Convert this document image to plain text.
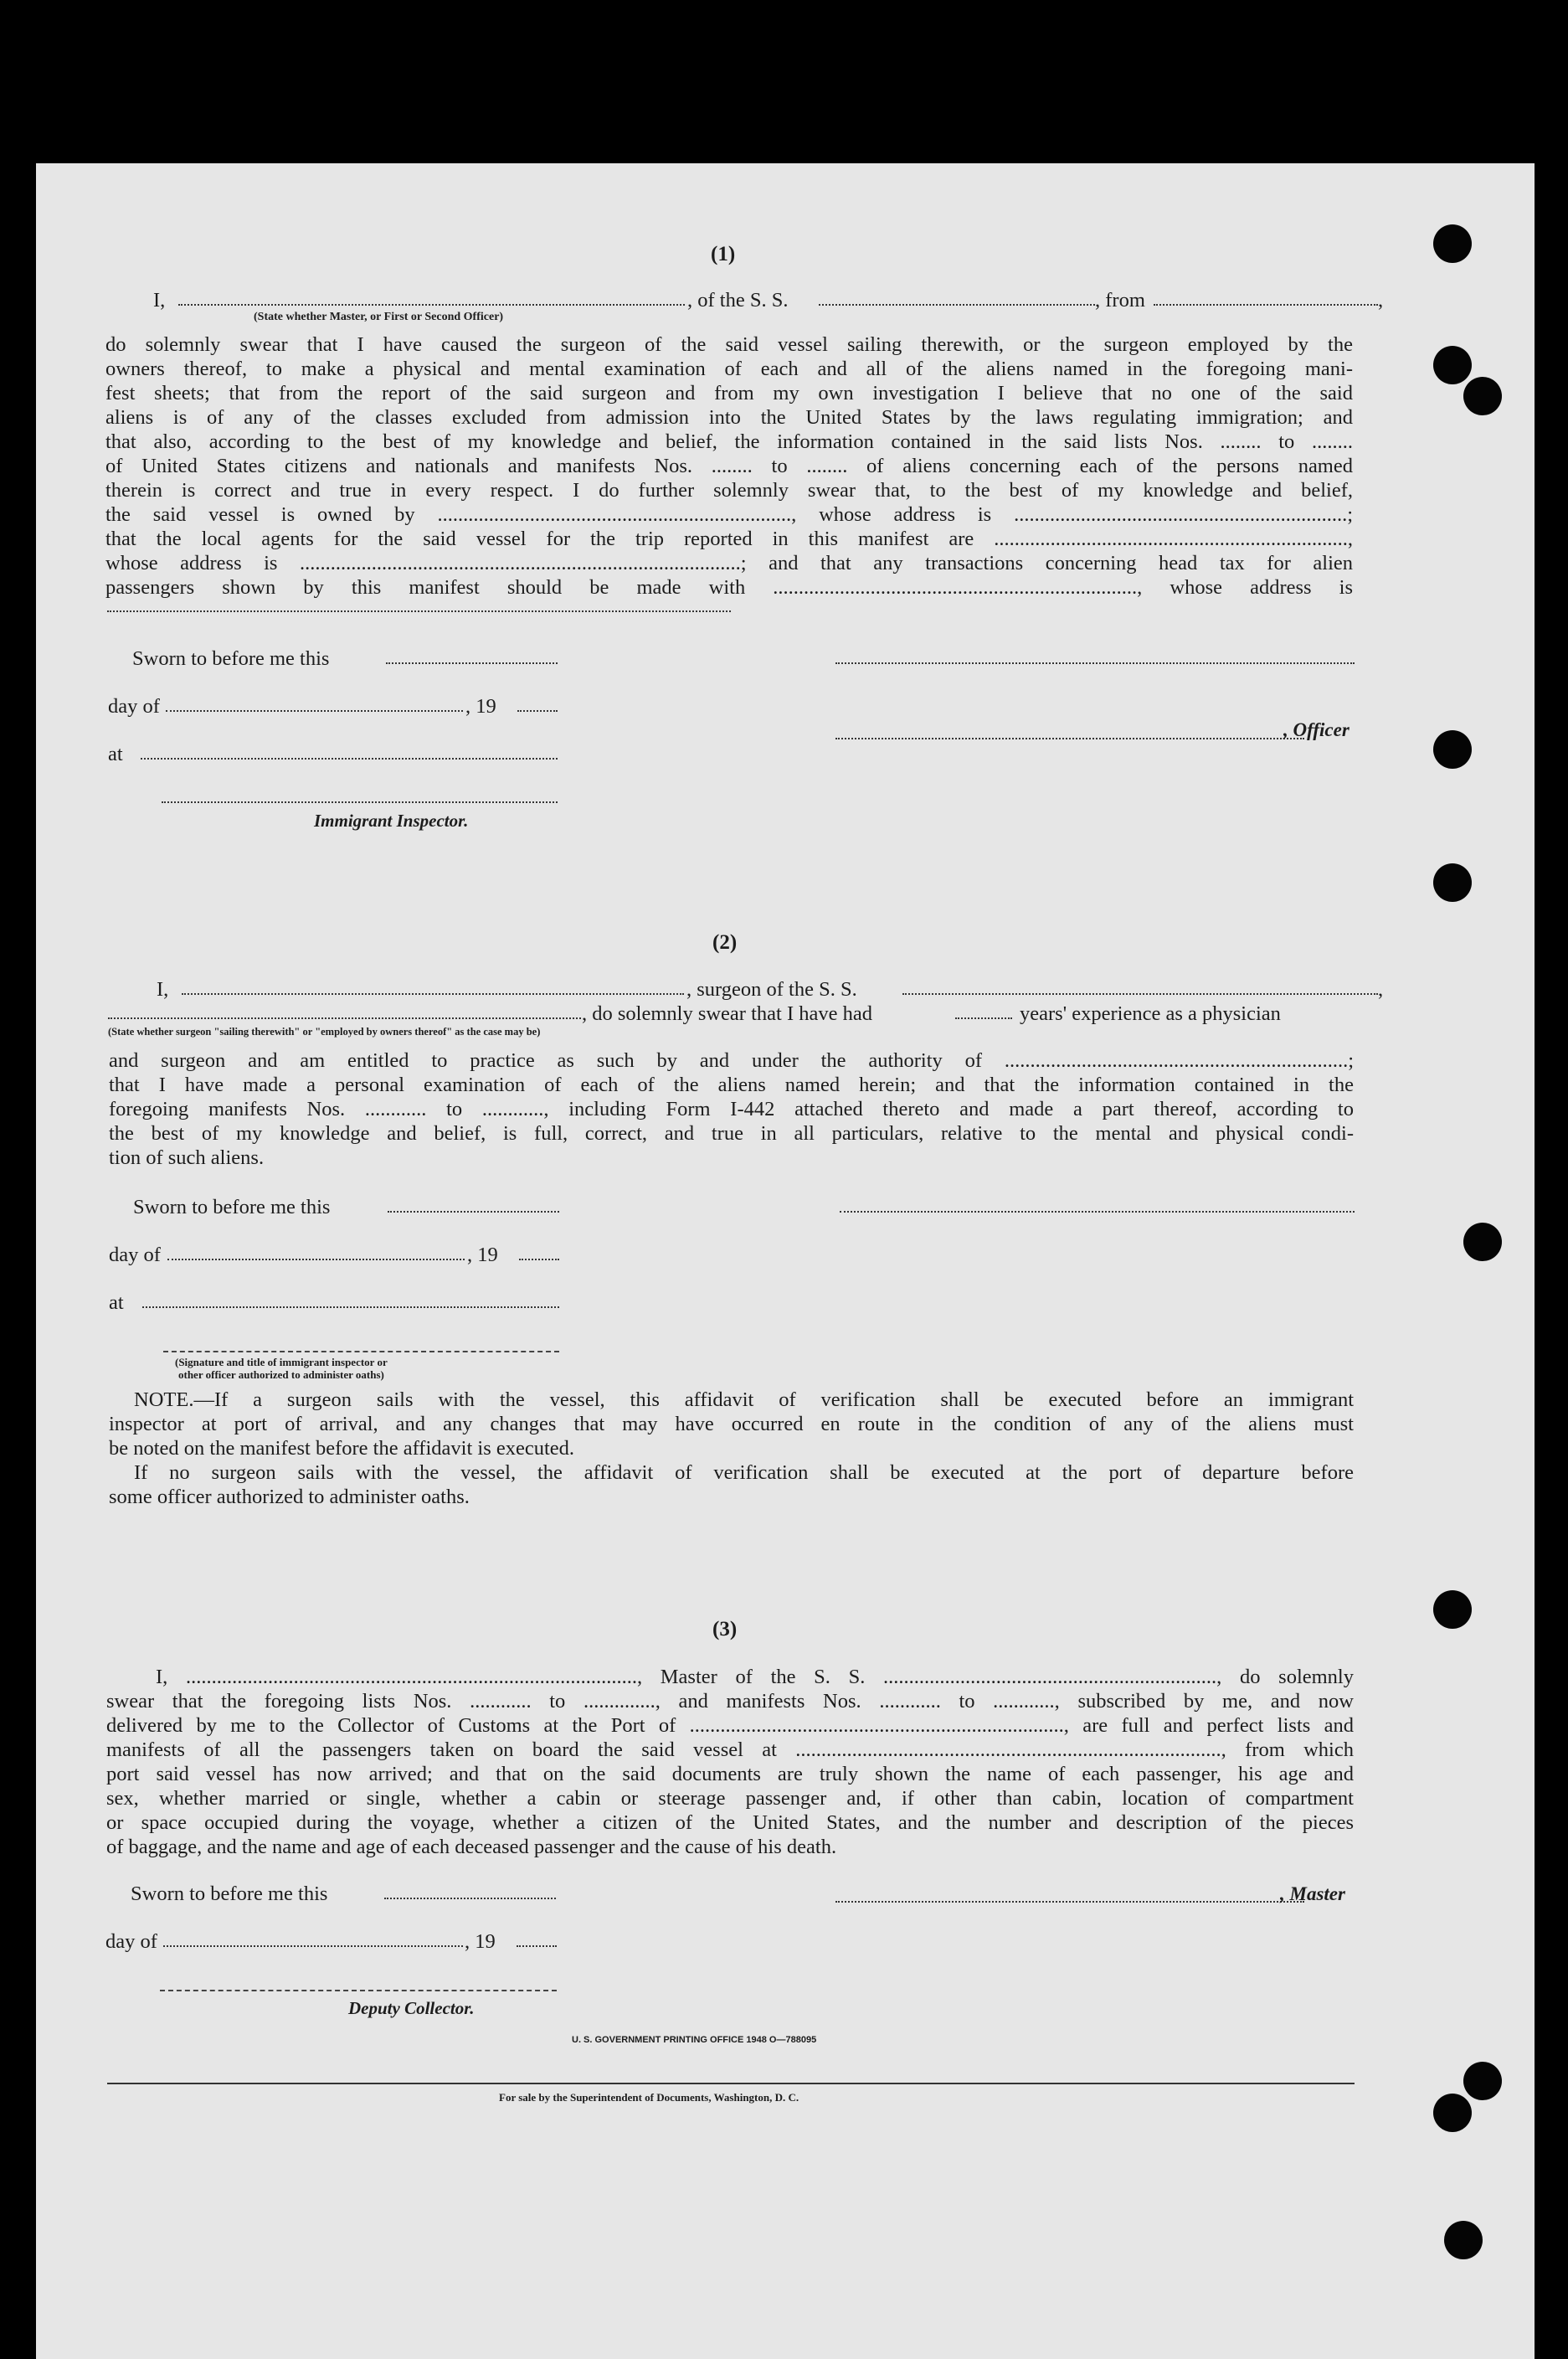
(1)
I,	, of the S. S.	, from	,
(State whether Master, or First or Second Officer)
do solemnly swear that I have caused the surgeon of the said vessel sailing therewith, or the surgeon employed by the
owners thereof, to make a physical and mental examination of each and all of the aliens named in the foregoing mani-
fest sheets; that from the report of the said surgeon and from my own investigation I believe that no one of the said
aliens is of any of the classes excluded from admission into the United States by the laws regulating immigration; and
that also, according to the best of my knowledge and belief, the information contained in the said lists Nos. ........ to ........
of United States citizens and nationals and manifests Nos. ........ to ........ of aliens concerning each of the persons named
therein is correct and true in every respect. I do further solemnly swear that, to the best of my knowledge and belief,
the said vessel is owned by ....................................................................., whose address is .................................................................;
that the local agents for the said vessel for the trip reported in this manifest are .....................................................................,
whose address is ......................................................................................; and that any transactions concerning head tax for alien
passengers shown by this manifest should be made with ......................................................................., whose address is
Sworn to before me this
day of	, 19
, Officer
at
Immigrant Inspector.
(2)
I,	, surgeon of the S. S.	,
, do solemnly swear that I have had	years' experience as a physician
(State whether surgeon "sailing therewith" or "employed by owners thereof" as the case may be)
and surgeon and am entitled to practice as such by and under the authority of ...................................................................;
that I have made a personal examination of each of the aliens named herein; and that the information contained in the
foregoing manifests Nos. ............ to ............, including Form I-442 attached thereto and made a part thereof, according to
the best of my knowledge and belief, is full, correct, and true in all particulars, relative to the mental and physical condi-
tion of such aliens.
Sworn to before me this
day of	, 19
at
(Signature and title of immigrant inspector or
other officer authorized to administer oaths)
NOTE.—If a surgeon sails with the vessel, this affidavit of verification shall be executed before an immigrant
inspector at port of arrival, and any changes that may have occurred en route in the condition of any of the aliens must
be noted on the manifest before the affidavit is executed.
If no surgeon sails with the vessel, the affidavit of verification shall be executed at the port of departure before
some officer authorized to administer oaths.
(3)
I, ........................................................................................, Master of the S. S. ................................................................., do solemnly
swear that the foregoing lists Nos. ............ to .............., and manifests Nos. ............ to ............, subscribed by me, and now
delivered by me to the Collector of Customs at the Port of ........................................................................., are full and perfect lists and
manifests of all the passengers taken on board the said vessel at ..................................................................................., from which
port said vessel has now arrived; and that on the said documents are truly shown the name of each passenger, his age and
sex, whether married or single, whether a cabin or steerage passenger and, if other than cabin, location of compartment
or space occupied during the voyage, whether a citizen of the United States, and the number and description of the pieces
of baggage, and the name and age of each deceased passenger and the cause of his death.
Sworn to before me this	, Master
day of	, 19
Deputy Collector.
U. S. GOVERNMENT PRINTING OFFICE 1948 O—788095
For sale by the Superintendent of Documents, Washington, D. C.
